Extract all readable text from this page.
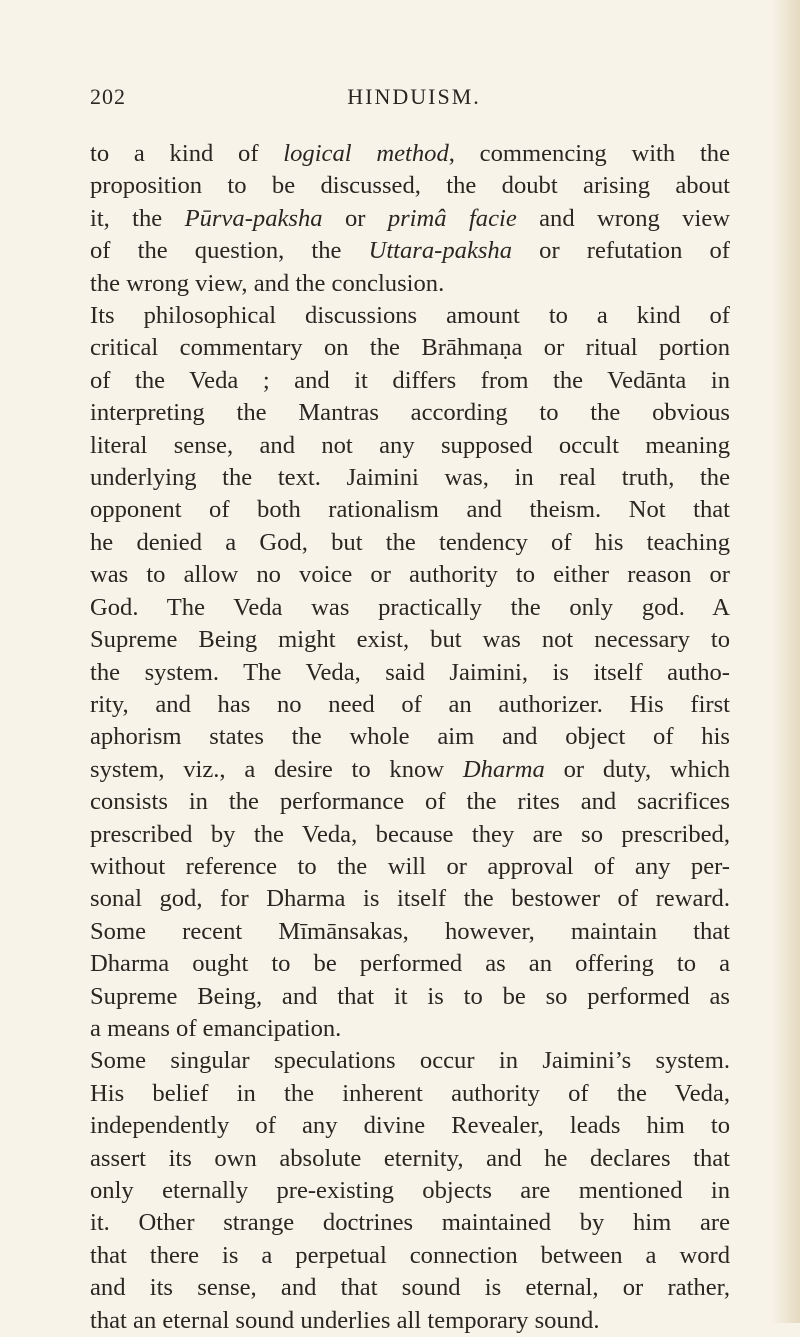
202	HINDUISM.
to a kind of logical method, commencing with the
proposition to be discussed, the doubt arising about
it, the Pūrva-paksha or primâ facie and wrong view
of the question, the Uttara-paksha or refutation of
the wrong view, and the conclusion.
Its philosophical discussions amount to a kind of
critical commentary on the Brāhmaṇa or ritual portion
of the Veda ; and it differs from the Vedānta in
interpreting the Mantras according to the obvious
literal sense, and not any supposed occult meaning
underlying the text. Jaimini was, in real truth, the
opponent of both rationalism and theism. Not that
he denied a God, but the tendency of his teaching
was to allow no voice or authority to either reason or
God. The Veda was practically the only god. A
Supreme Being might exist, but was not necessary to
the system. The Veda, said Jaimini, is itself autho-
rity, and has no need of an authorizer. His first
aphorism states the whole aim and object of his
system, viz., a desire to know Dharma or duty, which
consists in the performance of the rites and sacrifices
prescribed by the Veda, because they are so prescribed,
without reference to the will or approval of any per-
sonal god, for Dharma is itself the bestower of reward.
Some recent Mīmānsakas, however, maintain that
Dharma ought to be performed as an offering to a
Supreme Being, and that it is to be so performed as
a means of emancipation.
Some singular speculations occur in Jaimini’s system.
His belief in the inherent authority of the Veda,
independently of any divine Revealer, leads him to
assert its own absolute eternity, and he declares that
only eternally pre-existing objects are mentioned in
it. Other strange doctrines maintained by him are
that there is a perpetual connection between a word
and its sense, and that sound is eternal, or rather,
that an eternal sound underlies all temporary sound.
